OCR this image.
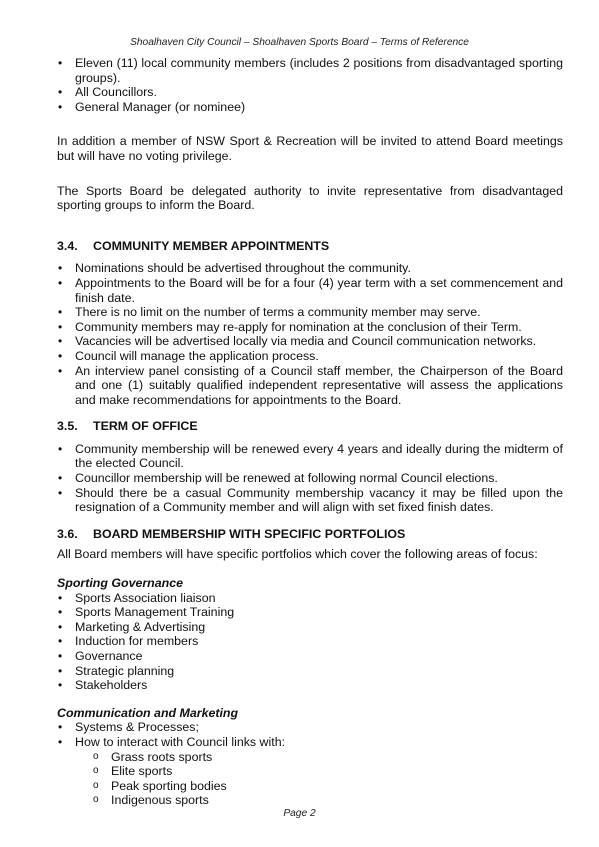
Shoalhaven City Council – Shoalhaven Sports Board – Terms of Reference
• Eleven (11) local community members (includes 2 positions from disadvantaged sporting groups).
• All Councillors.
• General Manager (or nominee)

In addition a member of NSW Sport & Recreation will be invited to attend Board meetings but will have no voting privilege.

The Sports Board be delegated authority to invite representative from disadvantaged sporting groups to inform the Board.

3.4.	COMMUNITY MEMBER APPOINTMENTS
• Nominations should be advertised throughout the community.
• Appointments to the Board will be for a four (4) year term with a set commencement and finish date.
• There is no limit on the number of terms a community member may serve.
• Community members may re-apply for nomination at the conclusion of their Term.
• Vacancies will be advertised locally via media and Council communication networks.
• Council will manage the application process.
• An interview panel consisting of a Council staff member, the Chairperson of the Board and one (1) suitably qualified independent representative will assess the applications and make recommendations for appointments to the Board.
3.5.	TERM OF OFFICE
• Community membership will be renewed every 4 years and ideally during the midterm of the elected Council.
• Councillor membership will be renewed at following normal Council elections.
• Should there be a casual Community membership vacancy it may be filled upon the resignation of a Community member and will align with set fixed finish dates.
3.6.	BOARD MEMBERSHIP WITH SPECIFIC PORTFOLIOS

All Board members will have specific portfolios which cover the following areas of focus:

Sporting Governance
• Sports Association liaison
• Sports Management Training
• Marketing & Advertising
• Induction for members
• Governance
• Strategic planning
• Stakeholders
Communication and Marketing
• Systems & Processes;
• How to interact with Council links with:
o Grass roots sports
o Elite sports
o Peak sporting bodies
o Indigenous sports
Page 2
